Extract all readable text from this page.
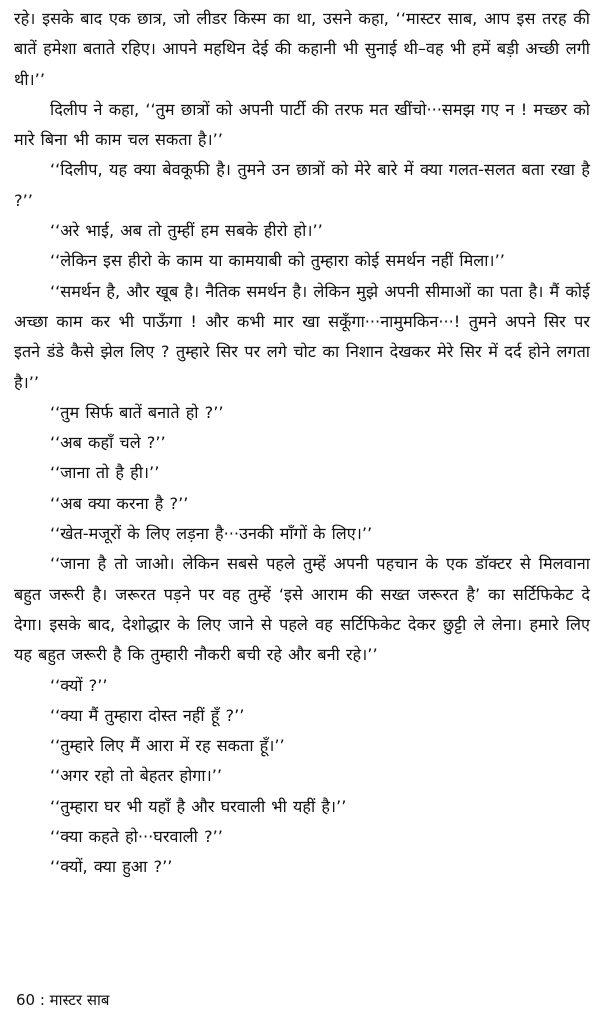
रहे। इसके बाद एक छात्र, जो लीडर किस्म का था, उसने कहा, ‘‘मास्टर साब, आप इस तरह की बातें हमेशा बताते रहिए। आपने महथिन देई की कहानी भी सुनाई थी–वह भी हमें बड़ी अच्छी लगी थी।’’

दिलीप ने कहा, ‘‘तुम छात्रों को अपनी पार्टी की तरफ मत खींचो···समझ गए न ! मच्छर को मारे बिना भी काम चल सकता है।’’

‘‘दिलीप, यह क्या बेवकूफी है। तुमने उन छात्रों को मेरे बारे में क्या गलत-सलत बता रखा है ?’’

‘‘अरे भाई, अब तो तुम्हीं हम सबके हीरो हो।’’

‘‘लेकिन इस हीरो के काम या कामयाबी को तुम्हारा कोई समर्थन नहीं मिला।’’

‘‘समर्थन है, और खूब है। नैतिक समर्थन है। लेकिन मुझे अपनी सीमाओं का पता है। मैं कोई अच्छा काम कर भी पाऊँगा ! और कभी मार खा सकूँगा···नामुमकिन···! तुमने अपने सिर पर इतने डंडे कैसे झेल लिए ? तुम्हारे सिर पर लगे चोट का निशान देखकर मेरे सिर में दर्द होने लगता है।’’

‘‘तुम सिर्फ बातें बनाते हो ?’’

‘‘अब कहाँ चले ?’’

‘‘जाना तो है ही।’’

‘‘अब क्या करना है ?’’

‘‘खेत-मजूरों के लिए लड़ना है···उनकी माँगों के लिए।’’

‘‘जाना है तो जाओ। लेकिन सबसे पहले तुम्हें अपनी पहचान के एक डॉक्टर से मिलवाना बहुत जरूरी है। जरूरत पड़ने पर वह तुम्हें ‘इसे आराम की सख्त जरूरत है’ का सर्टिफिकेट दे देगा। इसके बाद, देशोद्धार के लिए जाने से पहले वह सर्टिफिकेट देकर छुट्टी ले लेना। हमारे लिए यह बहुत जरूरी है कि तुम्हारी नौकरी बची रहे और बनी रहे।’’

‘‘क्यों ?’’

‘‘क्या मैं तुम्हारा दोस्त नहीं हूँ ?’’

‘‘तुम्हारे लिए मैं आरा में रह सकता हूँ।’’

‘‘अगर रहो तो बेहतर होगा।’’

‘‘तुम्हारा घर भी यहाँ है और घरवाली भी यहीं है।’’

‘‘क्या कहते हो···घरवाली ?’’

‘‘क्यों, क्या हुआ ?’’

60 : मास्टर साब
